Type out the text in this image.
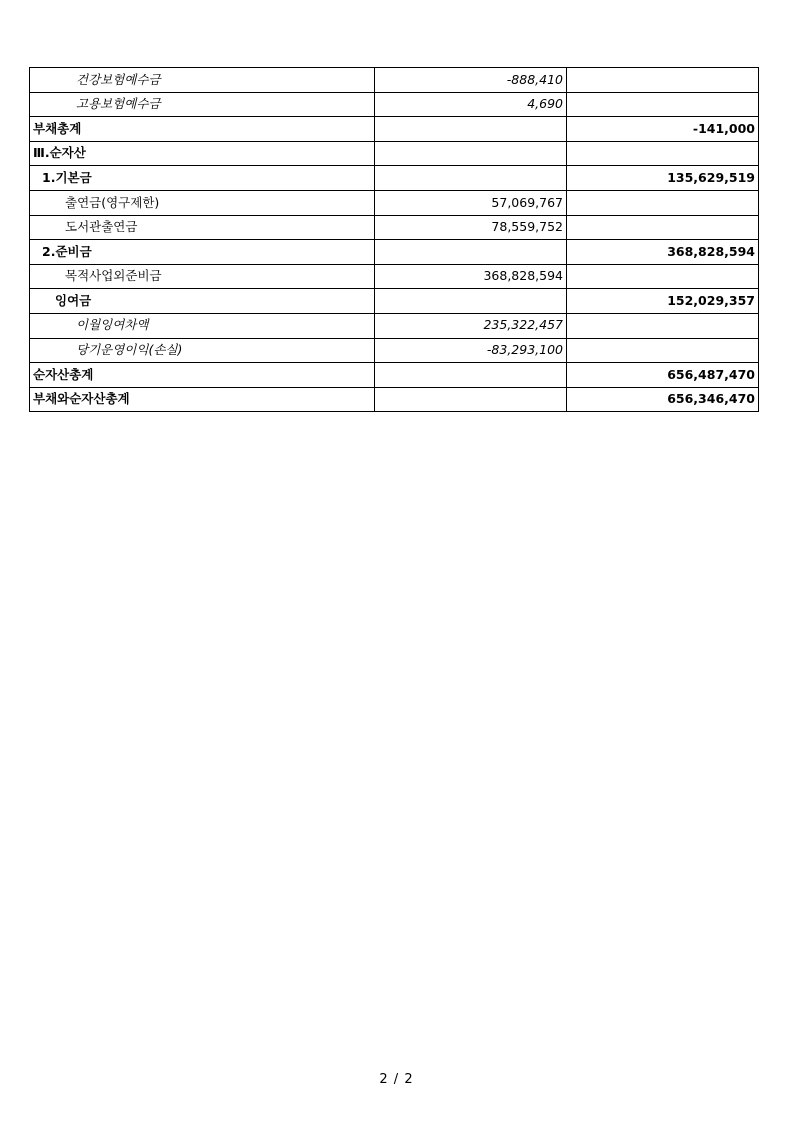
건강보험예수금	-888,410	
고용보험예수금	4,690	
부채총계		-141,000
Ⅲ.순자산		
1.기본금		135,629,519
출연금(영구제한)	57,069,767	
도서관출연금	78,559,752	
2.준비금		368,828,594
목적사업외준비금	368,828,594	
잉여금		152,029,357
이월잉여차액	235,322,457	
당기운영이익(손실)	-83,293,100	
순자산총계		656,487,470
부채와순자산총계		656,346,470
2 / 2
